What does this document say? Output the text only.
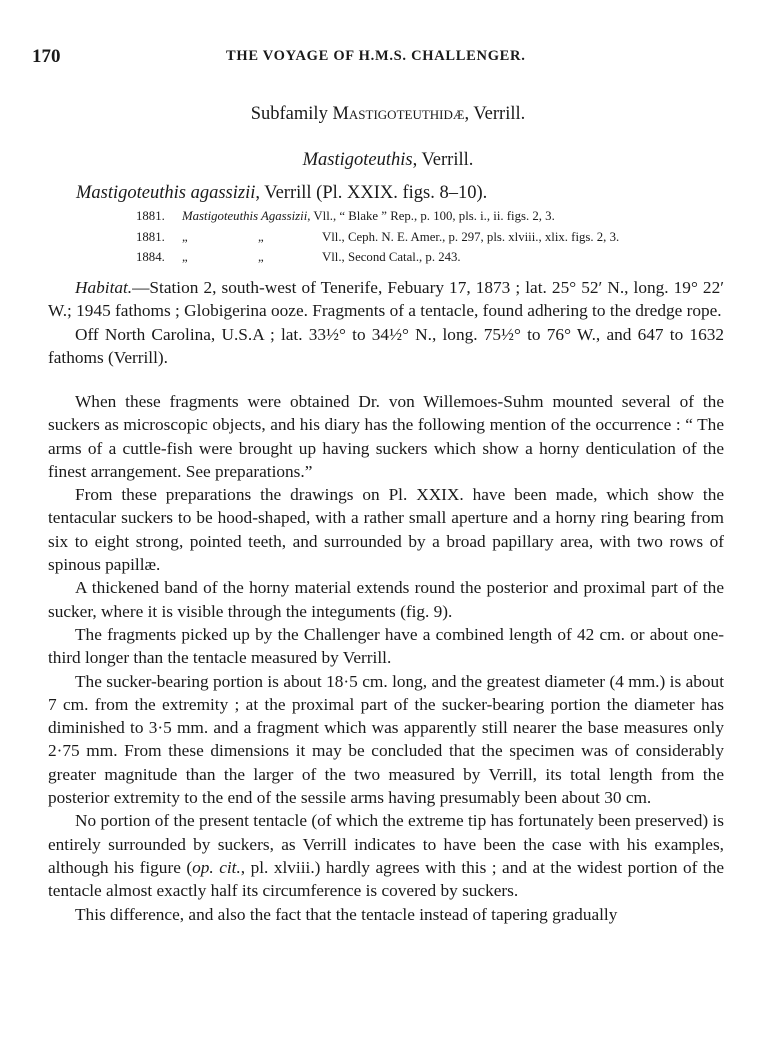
170	THE VOYAGE OF H.M.S. CHALLENGER.
Subfamily Mastigoteuthidæ, Verrill.
Mastigoteuthis, Verrill.
Mastigoteuthis agassizii, Verrill (Pl. XXIX. figs. 8–10).
1881. Mastigoteuthis Agassizii, Vll., “ Blake ” Rep., p. 100, pls. i., ii. figs. 2, 3.
1881. „	„	Vll., Ceph. N. E. Amer., p. 297, pls. xlviii., xlix. figs. 2, 3.
1884. „	„	Vll., Second Catal., p. 243.

Habitat.—Station 2, south-west of Tenerife, Febuary 17, 1873 ; lat. 25° 52′ N., long. 19° 22′ W.; 1945 fathoms ; Globigerina ooze. Fragments of a tentacle, found adhering to the dredge rope.

Off North Carolina, U.S.A ; lat. 33½° to 34½° N., long. 75½° to 76° W., and 647 to 1632 fathoms (Verrill).

When these fragments were obtained Dr. von Willemoes-Suhm mounted several of the suckers as microscopic objects, and his diary has the following mention of the occurrence : “ The arms of a cuttle-fish were brought up having suckers which show a horny denticulation of the finest arrangement. See preparations.”

From these preparations the drawings on Pl. XXIX. have been made, which show the tentacular suckers to be hood-shaped, with a rather small aperture and a horny ring bearing from six to eight strong, pointed teeth, and surrounded by a broad papillary area, with two rows of spinous papillæ.

A thickened band of the horny material extends round the posterior and proximal part of the sucker, where it is visible through the integuments (fig. 9).

The fragments picked up by the Challenger have a combined length of 42 cm. or about one-third longer than the tentacle measured by Verrill.

The sucker-bearing portion is about 18·5 cm. long, and the greatest diameter (4 mm.) is about 7 cm. from the extremity ; at the proximal part of the sucker-bearing portion the diameter has diminished to 3·5 mm. and a fragment which was apparently still nearer the base measures only 2·75 mm. From these dimensions it may be concluded that the specimen was of considerably greater magnitude than the larger of the two measured by Verrill, its total length from the posterior extremity to the end of the sessile arms having presumably been about 30 cm.

No portion of the present tentacle (of which the extreme tip has fortunately been preserved) is entirely surrounded by suckers, as Verrill indicates to have been the case with his examples, although his figure (op. cit., pl. xlviii.) hardly agrees with this ; and at the widest portion of the tentacle almost exactly half its circumference is covered by suckers.

This difference, and also the fact that the tentacle instead of tapering gradually
